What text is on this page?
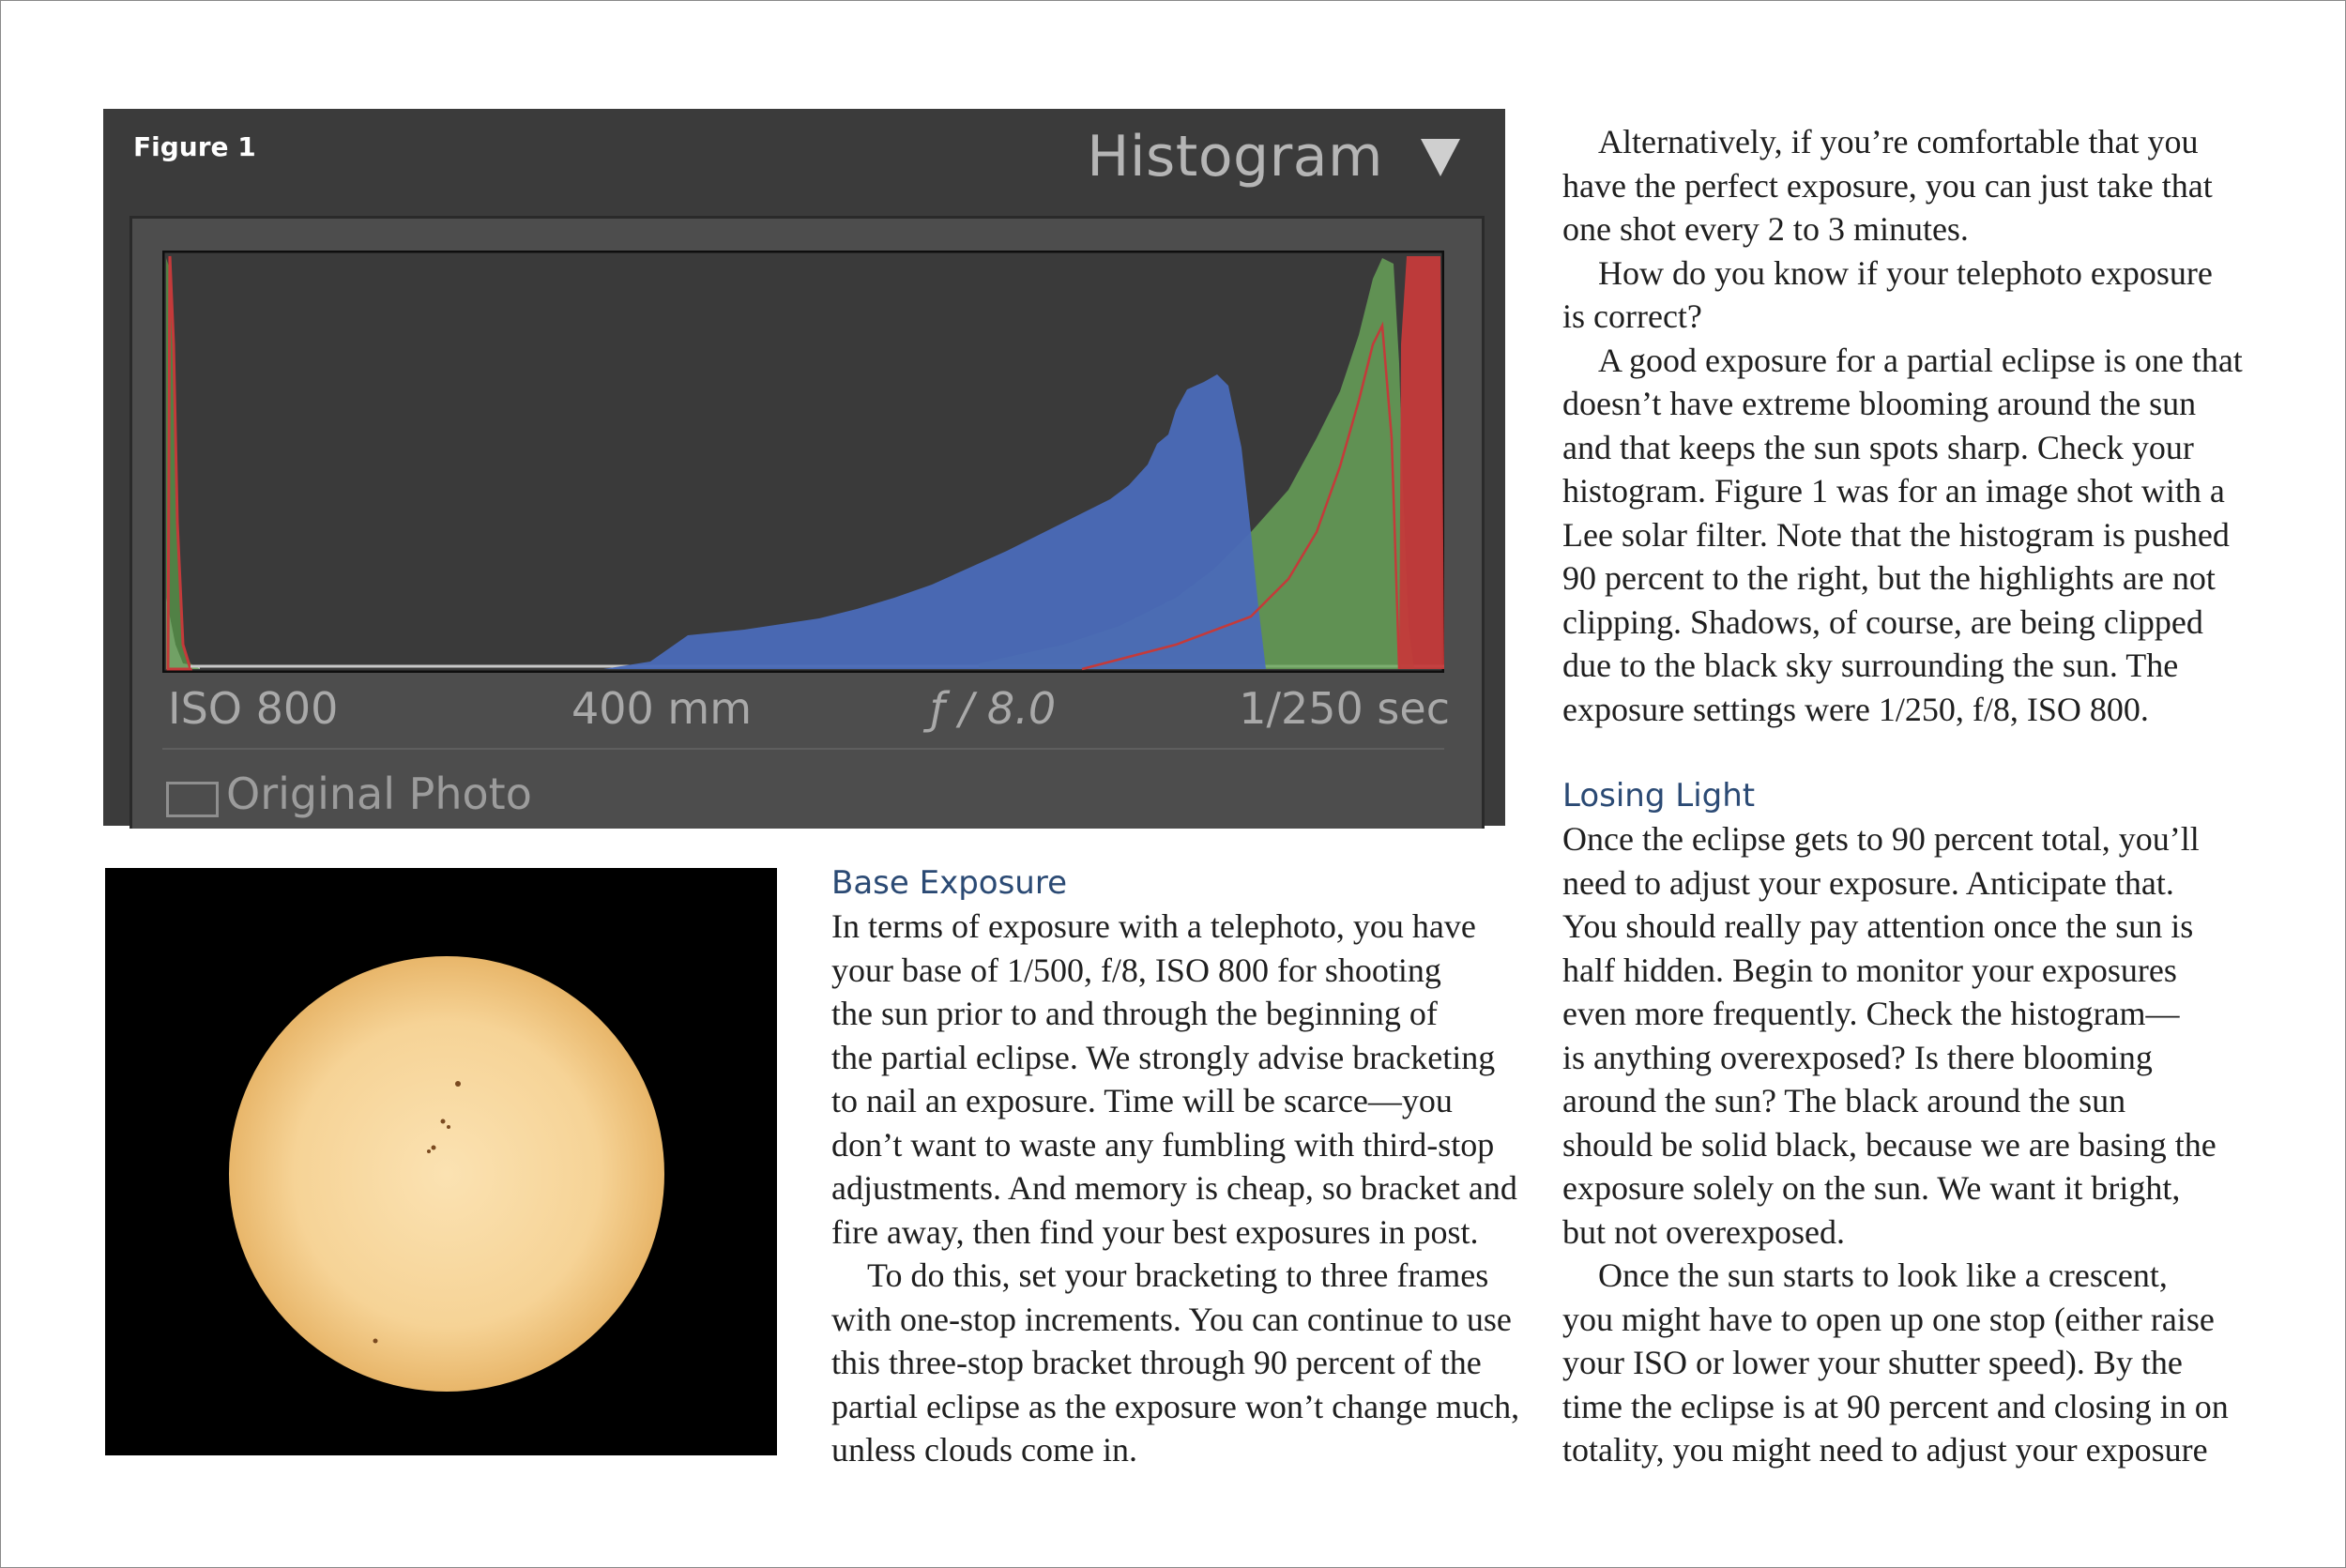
Figure 1	Histogram
ISO 800	400 mm	ƒ / 8.0	1/250 sec
Original Photo

Base Exposure

In terms of exposure with a telephoto, you have

your base of 1/500, f/8, ISO 800 for shooting

the sun prior to and through the beginning of

the partial eclipse. We strongly advise bracketing

to nail an exposure. Time will be scarce—you

don’t want to waste any fumbling with third-stop

adjustments. And memory is cheap, so bracket and

fire away, then find your best exposures in post.

To do this, set your bracketing to three frames

with one-stop increments. You can continue to use

this three-stop bracket through 90 percent of the

partial eclipse as the exposure won’t change much,

unless clouds come in.

Alternatively, if you’re comfortable that you

have the perfect exposure, you can just take that

one shot every 2 to 3 minutes.

How do you know if your telephoto exposure

is correct?

A good exposure for a partial eclipse is one that

doesn’t have extreme blooming around the sun

and that keeps the sun spots sharp. Check your

histogram. Figure 1 was for an image shot with a

Lee solar filter. Note that the histogram is pushed

90 percent to the right, but the highlights are not

clipping. Shadows, of course, are being clipped

due to the black sky surrounding the sun. The

exposure settings were 1/250, f/8, ISO 800.

Losing Light

Once the eclipse gets to 90 percent total, you’ll

need to adjust your exposure. Anticipate that.

You should really pay attention once the sun is

half hidden. Begin to monitor your exposures

even more frequently. Check the histogram—

is anything overexposed? Is there blooming

around the sun? The black around the sun

should be solid black, because we are basing the

exposure solely on the sun. We want it bright,

but not overexposed.

Once the sun starts to look like a crescent,

you might have to open up one stop (either raise

your ISO or lower your shutter speed). By the

time the eclipse is at 90 percent and closing in on

totality, you might need to adjust your exposure
